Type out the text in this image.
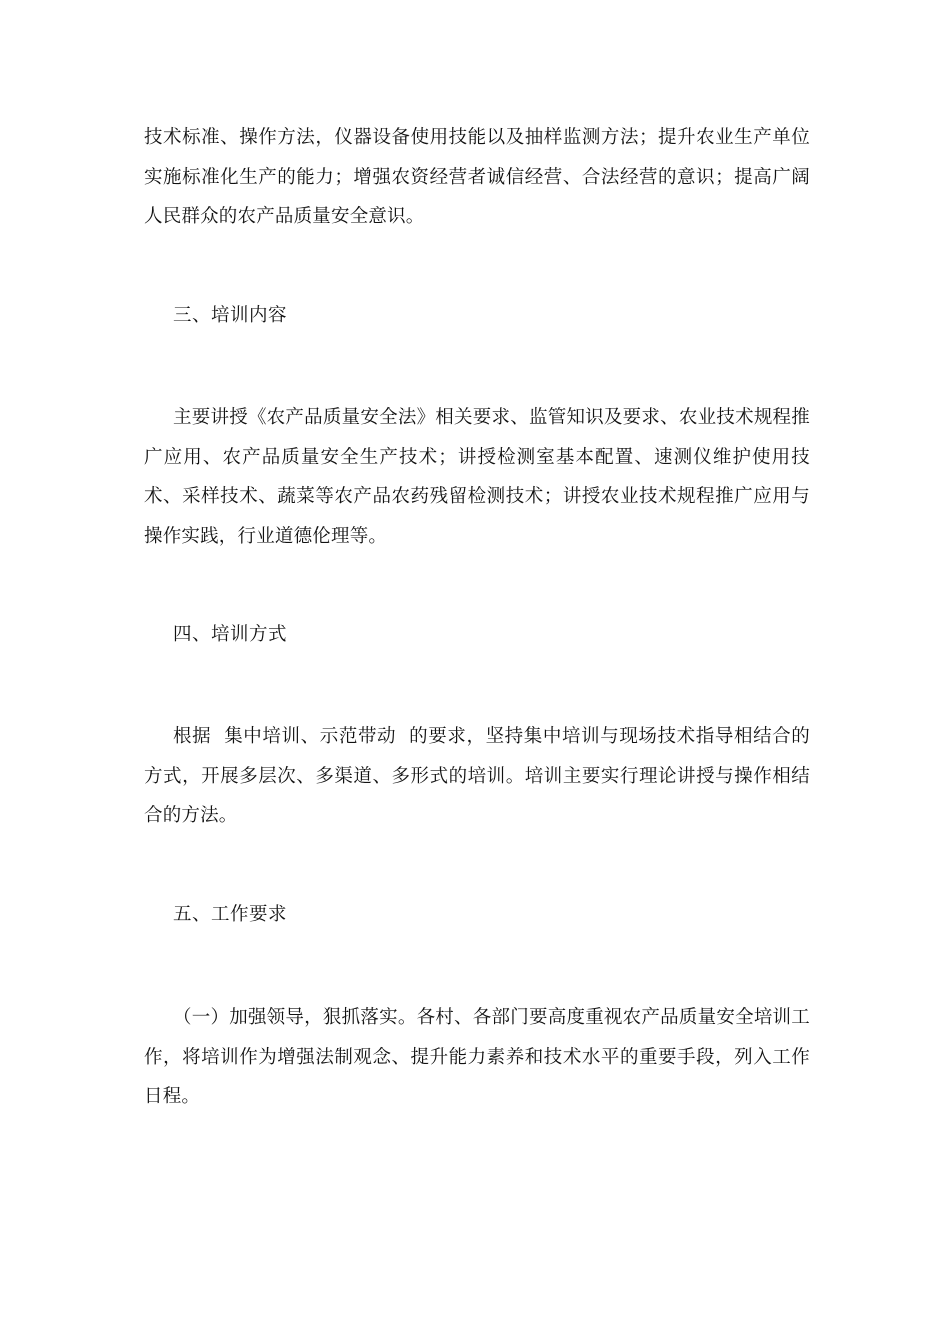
技术标准、操作方法，仪器设备使用技能以及抽样监测方法；提升农业生产单位实施标准化生产的能力；增强农资经营者诚信经营、合法经营的意识；提高广阔人民群众的农产品质量安全意识。

三、培训内容

主要讲授《农产品质量安全法》相关要求、监管知识及要求、农业技术规程推广应用、农产品质量安全生产技术；讲授检测室基本配置、速测仪维护使用技术、采样技术、蔬菜等农产品农药残留检测技术；讲授农业技术规程推广应用与操作实践，行业道德伦理等。

四、培训方式

根据  集中培训、示范带动  的要求，坚持集中培训与现场技术指导相结合的方式，开展多层次、多渠道、多形式的培训。培训主要实行理论讲授与操作相结合的方法。

五、工作要求

（一）加强领导，狠抓落实。各村、各部门要高度重视农产品质量安全培训工作，将培训作为增强法制观念、提升能力素养和技术水平的重要手段，列入工作日程。
